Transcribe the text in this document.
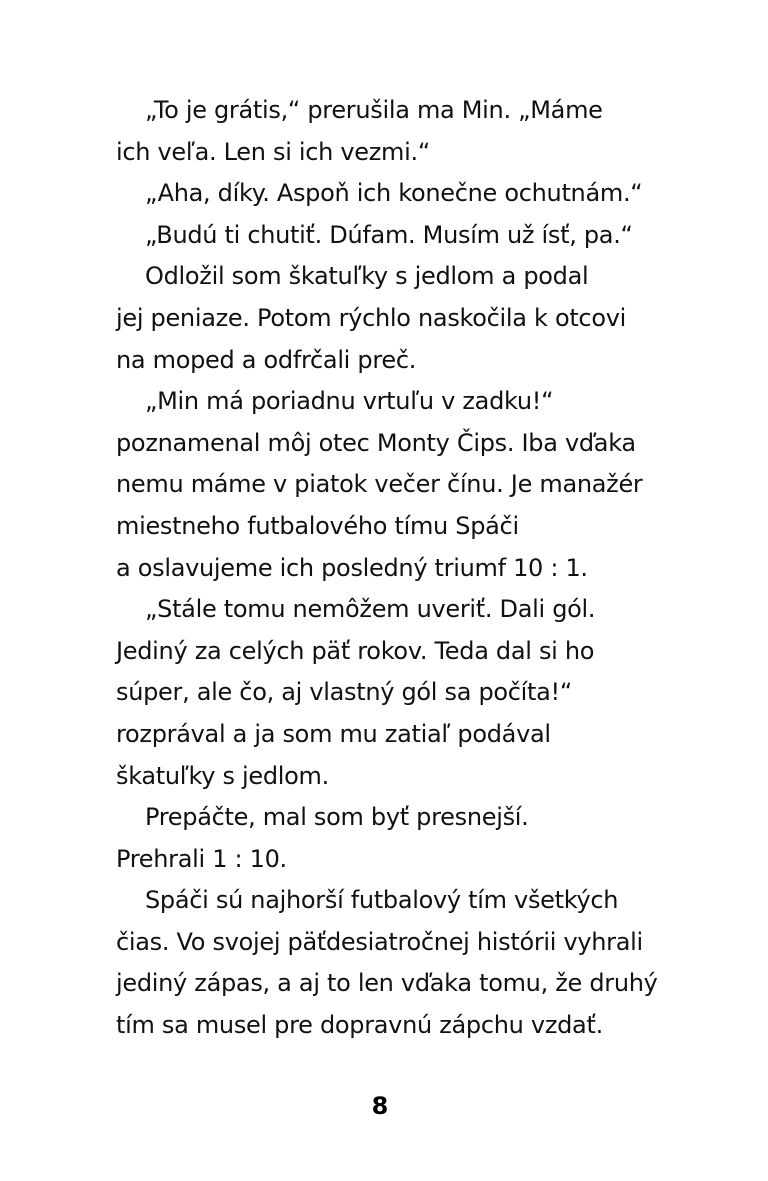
„To je grátis,“ prerušila ma Min. „Máme
ich veľa. Len si ich vezmi.“
„Aha, díky. Aspoň ich konečne ochutnám.“
„Budú ti chutiť. Dúfam. Musím už ísť, pa.“
Odložil som škatuľky s jedlom a podal
jej peniaze. Potom rýchlo naskočila k otcovi
na moped a odfrčali preč.
„Min má poriadnu vrtuľu v zadku!“
poznamenal môj otec Monty Čips. Iba vďaka
nemu máme v piatok večer čínu. Je manažér
miestneho futbalového tímu Spáči
a oslavujeme ich posledný triumf 10 : 1.
„Stále tomu nemôžem uveriť. Dali gól.
Jediný za celých päť rokov. Teda dal si ho
súper, ale čo, aj vlastný gól sa počíta!“
rozprával a ja som mu zatiaľ podával
škatuľky s jedlom.
Prepáčte, mal som byť presnejší.
Prehrali 1 : 10.
Spáči sú najhorší futbalový tím všetkých
čias. Vo svojej päťdesiatročnej histórii vyhrali
jediný zápas, a aj to len vďaka tomu, že druhý
tím sa musel pre dopravnú zápchu vzdať.
8
